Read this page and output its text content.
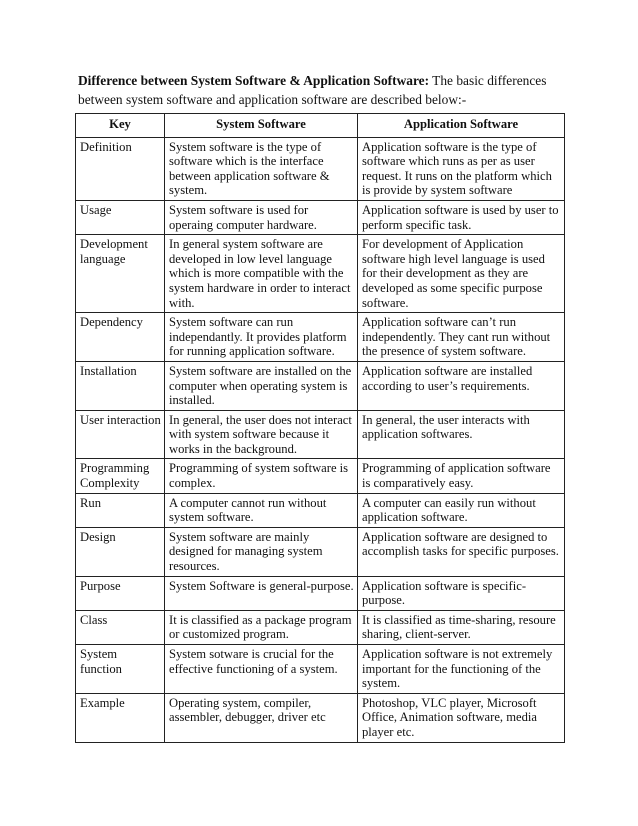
Difference between System Software & Application Software: The basic differences between system software and application software are described below:-

Key	System Software	Application Software
Definition	System software is the type of software which is the interface between application software & system.	Application software is the type of software which runs as per as user request. It runs on the platform which is provide by system software
Usage	System software is used for operaing computer hardware.	Application software is used by user to perform specific task.
Development language	In general system software are developed in low level language which is more compatible with the system hardware in order to interact with.	For development of Application software high level language is used for their development as they are developed as some specific purpose software.
Dependency	System software can run independantly. It provides platform for running application software.	Application software can’t run independently. They cant run without the presence of system software.
Installation	System software are installed on the computer when operating system is installed.	Application software are installed according to user’s requirements.
User interaction	In general, the user does not interact with system software because it works in the background.	In general, the user interacts with application softwares.
Programming Complexity	Programming of system software is complex.	Programming of application software is comparatively easy.
Run	A computer cannot run without system software.	A computer can easily run without application software.
Design	System software are mainly designed for managing system resources.	Application software are designed to accomplish tasks for specific purposes.
Purpose	System Software is general-purpose.	Application software is specific-purpose.
Class	It is classified as a package program or customized program.	It is classified as time-sharing, resoure sharing, client-server.
System function	System sotware is crucial for the effective functioning of a system.	Application software is not extremely important for the functioning of the system.
Example	Operating system, compiler, assembler, debugger, driver etc	Photoshop, VLC player, Microsoft Office, Animation software, media player etc.
